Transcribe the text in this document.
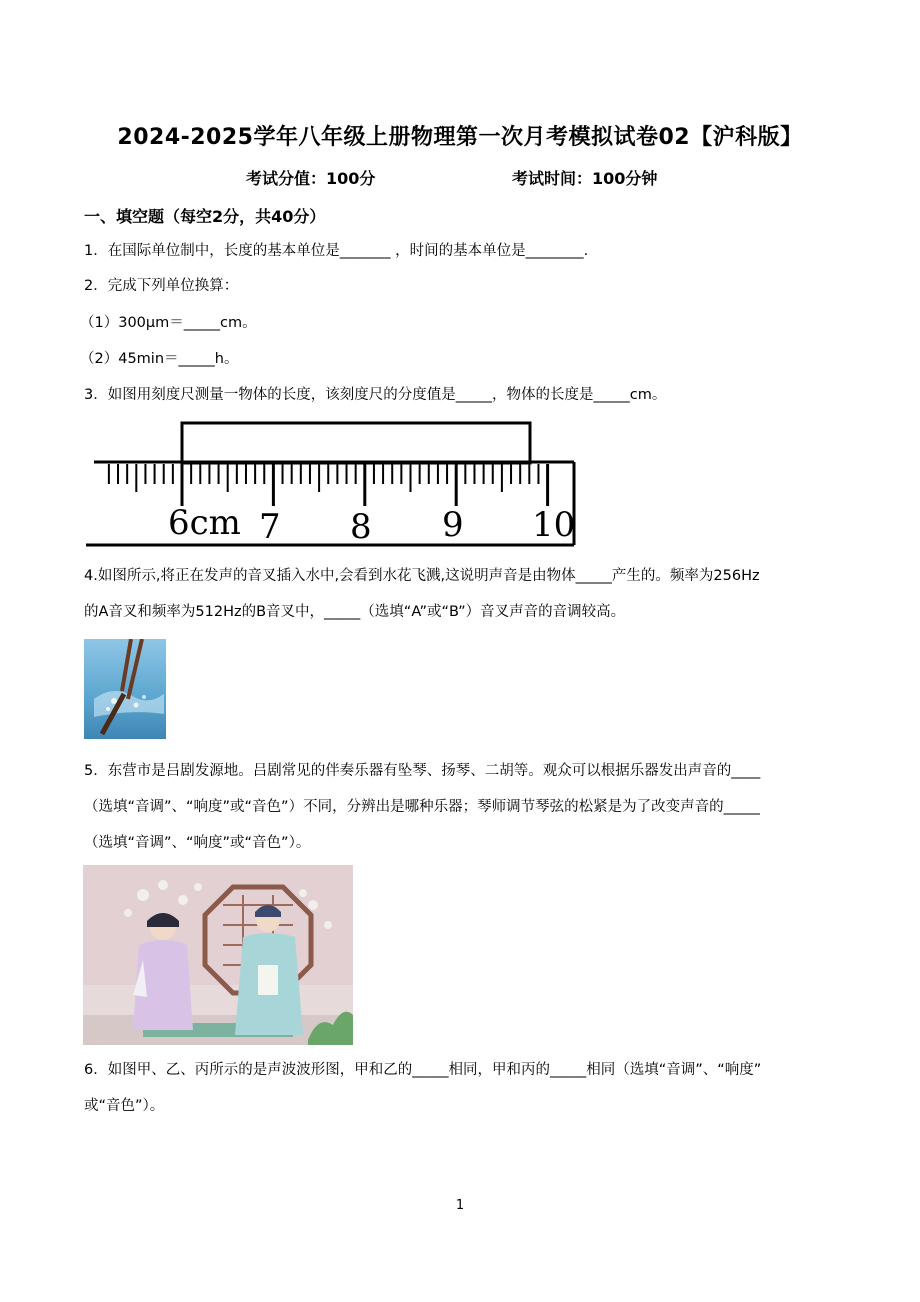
2024-2025学年八年级上册物理第一次月考模拟试卷02【沪科版】
考试分值：100分	考试时间：100分钟
一、填空题（每空2分，共40分）
1．在国际单位制中，长度的基本单位是_______ ，时间的基本单位是________.
2．完成下列单位换算：
（1）300μm＝_____cm。
（2）45min＝_____h。
3．如图用刻度尺测量一物体的长度，该刻度尺的分度值是_____，物体的长度是_____cm。
6cm 7 8 9 10
4.如图所示,将正在发声的音叉插入水中,会看到水花飞溅,这说明声音是由物体_____产生的。频率为256Hz
的A音叉和频率为512Hz的B音叉中，_____（选填“A”或“B”）音叉声音的音调较高。
5．东营市是吕剧发源地。吕剧常见的伴奏乐器有坠琴、扬琴、二胡等。观众可以根据乐器发出声音的____
（选填“音调”、“响度”或“音色”）不同，分辨出是哪种乐器；琴师调节琴弦的松紧是为了改变声音的_____
（选填“音调”、“响度”或“音色”）。
6．如图甲、乙、丙所示的是声波波形图，甲和乙的_____相同，甲和丙的_____相同（选填“音调”、“响度”
或“音色”）。
1
